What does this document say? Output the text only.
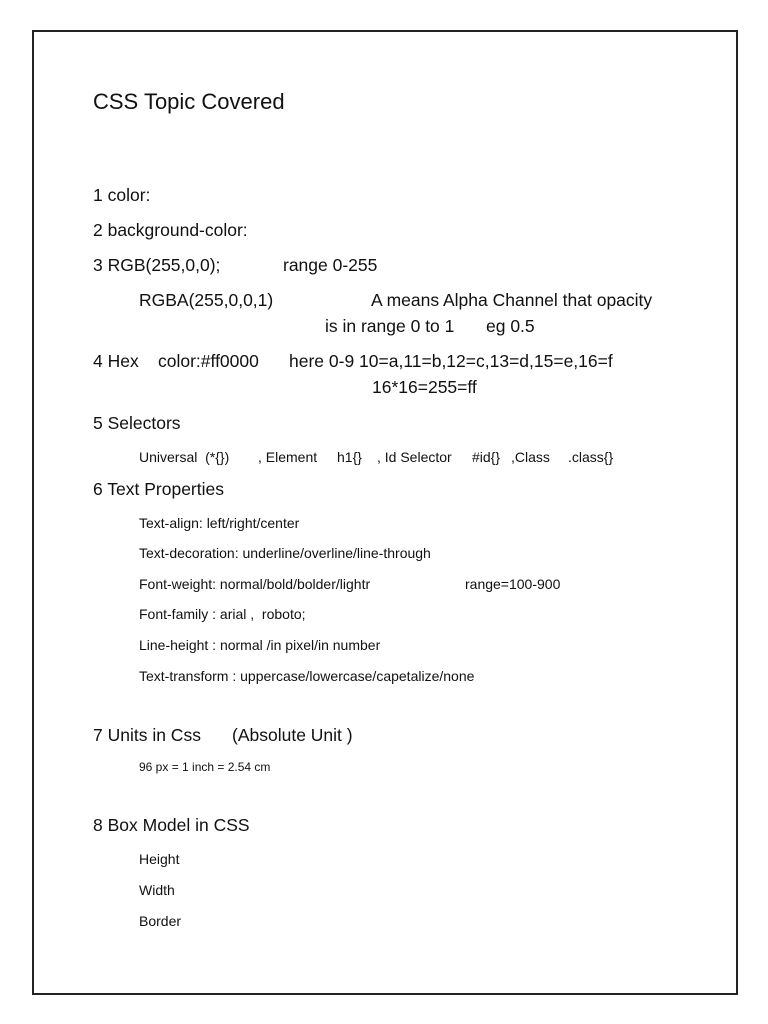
CSS Topic Covered
1 color:
2 background-color:
3 RGB(255,0,0);	range 0-255
RGBA(255,0,0,1)	A means Alpha Channel that opacity
is in range 0 to 1 eg 0.5
4 Hex color:#ff0000 here 0-9 10=a,11=b,12=c,13=d,15=e,16=f
16*16=255=ff
5 Selectors
Universal  (*{}) , Element h1{} , Id Selector #id{} ,Class .class{}
6 Text Properties
Text-align: left/right/center
Text-decoration: underline/overline/line-through
Font-weight: normal/bold/bolder/lightr	range=100-900
Font-family : arial ,  roboto;
Line-height : normal /in pixel/in number
Text-transform : uppercase/lowercase/capetalize/none
7 Units in Css (Absolute Unit )
96 px = 1 inch = 2.54 cm
8 Box Model in CSS
Height
Width
Border
